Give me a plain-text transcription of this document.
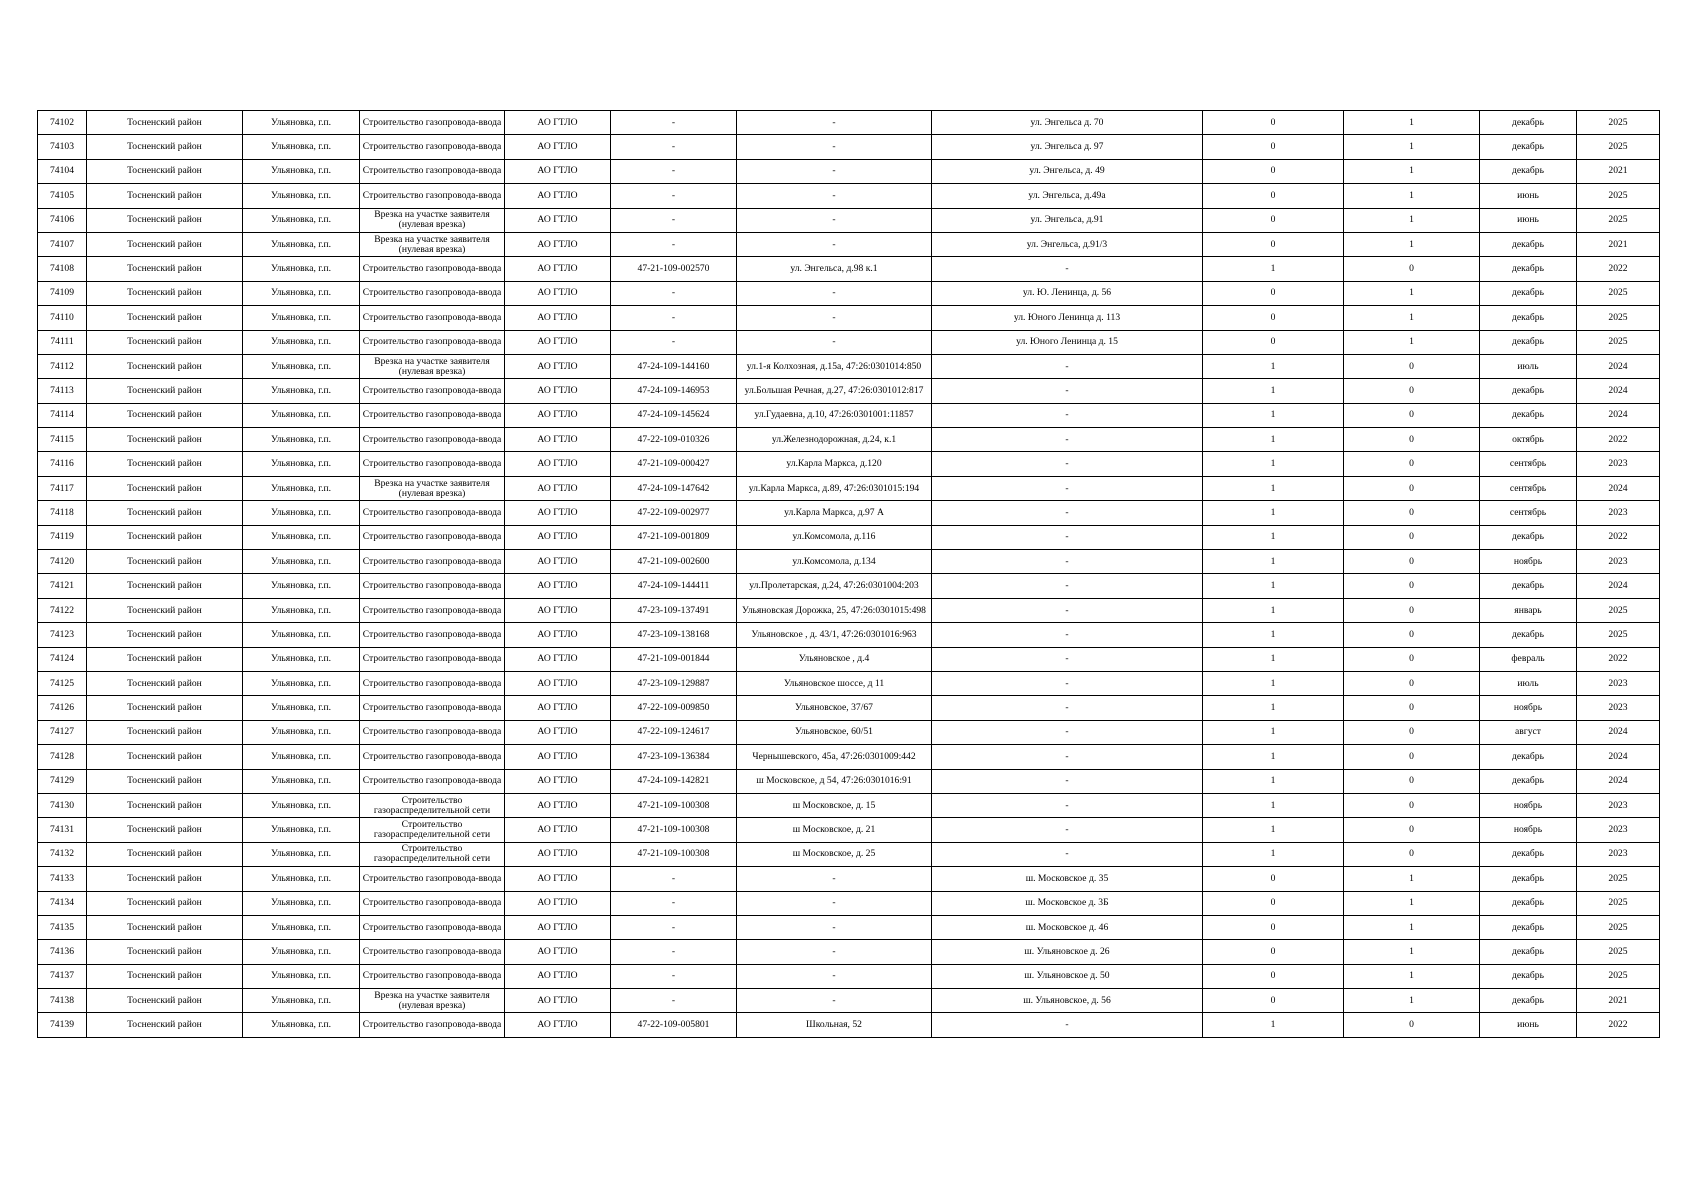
74102	Тосненский район	Ульяновка, г.п.	Строительство газопровода-ввода	АО ГТЛО	-	-	ул. Энгельса д. 70	0	1	декабрь	2025
74103	Тосненский район	Ульяновка, г.п.	Строительство газопровода-ввода	АО ГТЛО	-	-	ул. Энгельса д. 97	0	1	декабрь	2025
74104	Тосненский район	Ульяновка, г.п.	Строительство газопровода-ввода	АО ГТЛО	-	-	ул. Энгельса, д. 49	0	1	декабрь	2021
74105	Тосненский район	Ульяновка, г.п.	Строительство газопровода-ввода	АО ГТЛО	-	-	ул. Энгельса, д.49а	0	1	июнь	2025
74106	Тосненский район	Ульяновка, г.п.	Врезка на участке заявителя (нулевая врезка)	АО ГТЛО	-	-	ул. Энгельса, д.91	0	1	июнь	2025
74107	Тосненский район	Ульяновка, г.п.	Врезка на участке заявителя (нулевая врезка)	АО ГТЛО	-	-	ул. Энгельса, д.91/3	0	1	декабрь	2021
74108	Тосненский район	Ульяновка, г.п.	Строительство газопровода-ввода	АО ГТЛО	47-21-109-002570	ул. Энгельса, д.98 к.1	-	1	0	декабрь	2022
74109	Тосненский район	Ульяновка, г.п.	Строительство газопровода-ввода	АО ГТЛО	-	-	ул. Ю. Ленинца, д. 56	0	1	декабрь	2025
74110	Тосненский район	Ульяновка, г.п.	Строительство газопровода-ввода	АО ГТЛО	-	-	ул. Юного Ленинца д. 113	0	1	декабрь	2025
74111	Тосненский район	Ульяновка, г.п.	Строительство газопровода-ввода	АО ГТЛО	-	-	ул. Юного Ленинца д. 15	0	1	декабрь	2025
74112	Тосненский район	Ульяновка, г.п.	Врезка на участке заявителя (нулевая врезка)	АО ГТЛО	47-24-109-144160	ул.1-я Колхозная, д.15а, 47:26:0301014:850	-	1	0	июль	2024
74113	Тосненский район	Ульяновка, г.п.	Строительство газопровода-ввода	АО ГТЛО	47-24-109-146953	ул.Большая Речная, д.27, 47:26:0301012:817	-	1	0	декабрь	2024
74114	Тосненский район	Ульяновка, г.п.	Строительство газопровода-ввода	АО ГТЛО	47-24-109-145624	ул.Гудаевна, д.10, 47:26:0301001:11857	-	1	0	декабрь	2024
74115	Тосненский район	Ульяновка, г.п.	Строительство газопровода-ввода	АО ГТЛО	47-22-109-010326	ул.Железнодорожная, д.24, к.1	-	1	0	октябрь	2022
74116	Тосненский район	Ульяновка, г.п.	Строительство газопровода-ввода	АО ГТЛО	47-21-109-000427	ул.Карла Маркса, д.120	-	1	0	сентябрь	2023
74117	Тосненский район	Ульяновка, г.п.	Врезка на участке заявителя (нулевая врезка)	АО ГТЛО	47-24-109-147642	ул.Карла Маркса, д.89, 47:26:0301015:194	-	1	0	сентябрь	2024
74118	Тосненский район	Ульяновка, г.п.	Строительство газопровода-ввода	АО ГТЛО	47-22-109-002977	ул.Карла Маркса, д.97 А	-	1	0	сентябрь	2023
74119	Тосненский район	Ульяновка, г.п.	Строительство газопровода-ввода	АО ГТЛО	47-21-109-001809	ул.Комсомола, д.116	-	1	0	декабрь	2022
74120	Тосненский район	Ульяновка, г.п.	Строительство газопровода-ввода	АО ГТЛО	47-21-109-002600	ул.Комсомола, д.134	-	1	0	ноябрь	2023
74121	Тосненский район	Ульяновка, г.п.	Строительство газопровода-ввода	АО ГТЛО	47-24-109-144411	ул.Пролетарская, д.24, 47:26:0301004:203	-	1	0	декабрь	2024
74122	Тосненский район	Ульяновка, г.п.	Строительство газопровода-ввода	АО ГТЛО	47-23-109-137491	Ульяновская Дорожка, 25, 47:26:0301015:498	-	1	0	январь	2025
74123	Тосненский район	Ульяновка, г.п.	Строительство газопровода-ввода	АО ГТЛО	47-23-109-138168	Ульяновское , д. 43/1, 47:26:0301016:963	-	1	0	декабрь	2025
74124	Тосненский район	Ульяновка, г.п.	Строительство газопровода-ввода	АО ГТЛО	47-21-109-001844	Ульяновское , д.4	-	1	0	февраль	2022
74125	Тосненский район	Ульяновка, г.п.	Строительство газопровода-ввода	АО ГТЛО	47-23-109-129887	Ульяновское шоссе, д 11	-	1	0	июль	2023
74126	Тосненский район	Ульяновка, г.п.	Строительство газопровода-ввода	АО ГТЛО	47-22-109-009850	Ульяновское, 37/67	-	1	0	ноябрь	2023
74127	Тосненский район	Ульяновка, г.п.	Строительство газопровода-ввода	АО ГТЛО	47-22-109-124617	Ульяновское, 60/51	-	1	0	август	2024
74128	Тосненский район	Ульяновка, г.п.	Строительство газопровода-ввода	АО ГТЛО	47-23-109-136384	Чернышевского, 45а, 47:26:0301009:442	-	1	0	декабрь	2024
74129	Тосненский район	Ульяновка, г.п.	Строительство газопровода-ввода	АО ГТЛО	47-24-109-142821	ш Московское, д 54, 47:26:0301016:91	-	1	0	декабрь	2024
74130	Тосненский район	Ульяновка, г.п.	Строительство газораспределительной сети	АО ГТЛО	47-21-109-100308	ш Московское, д. 15	-	1	0	ноябрь	2023
74131	Тосненский район	Ульяновка, г.п.	Строительство газораспределительной сети	АО ГТЛО	47-21-109-100308	ш Московское, д. 21	-	1	0	ноябрь	2023
74132	Тосненский район	Ульяновка, г.п.	Строительство газораспределительной сети	АО ГТЛО	47-21-109-100308	ш Московское, д. 25	-	1	0	декабрь	2023
74133	Тосненский район	Ульяновка, г.п.	Строительство газопровода-ввода	АО ГТЛО	-	-	ш. Московское д. 35	0	1	декабрь	2025
74134	Тосненский район	Ульяновка, г.п.	Строительство газопровода-ввода	АО ГТЛО	-	-	ш. Московское д. 3Б	0	1	декабрь	2025
74135	Тосненский район	Ульяновка, г.п.	Строительство газопровода-ввода	АО ГТЛО	-	-	ш. Московское д. 46	0	1	декабрь	2025
74136	Тосненский район	Ульяновка, г.п.	Строительство газопровода-ввода	АО ГТЛО	-	-	ш. Ульяновское д. 26	0	1	декабрь	2025
74137	Тосненский район	Ульяновка, г.п.	Строительство газопровода-ввода	АО ГТЛО	-	-	ш. Ульяновское д. 50	0	1	декабрь	2025
74138	Тосненский район	Ульяновка, г.п.	Врезка на участке заявителя (нулевая врезка)	АО ГТЛО	-	-	ш. Ульяновское, д. 56	0	1	декабрь	2021
74139	Тосненский район	Ульяновка, г.п.	Строительство газопровода-ввода	АО ГТЛО	47-22-109-005801	Школьная, 52	-	1	0	июнь	2022
